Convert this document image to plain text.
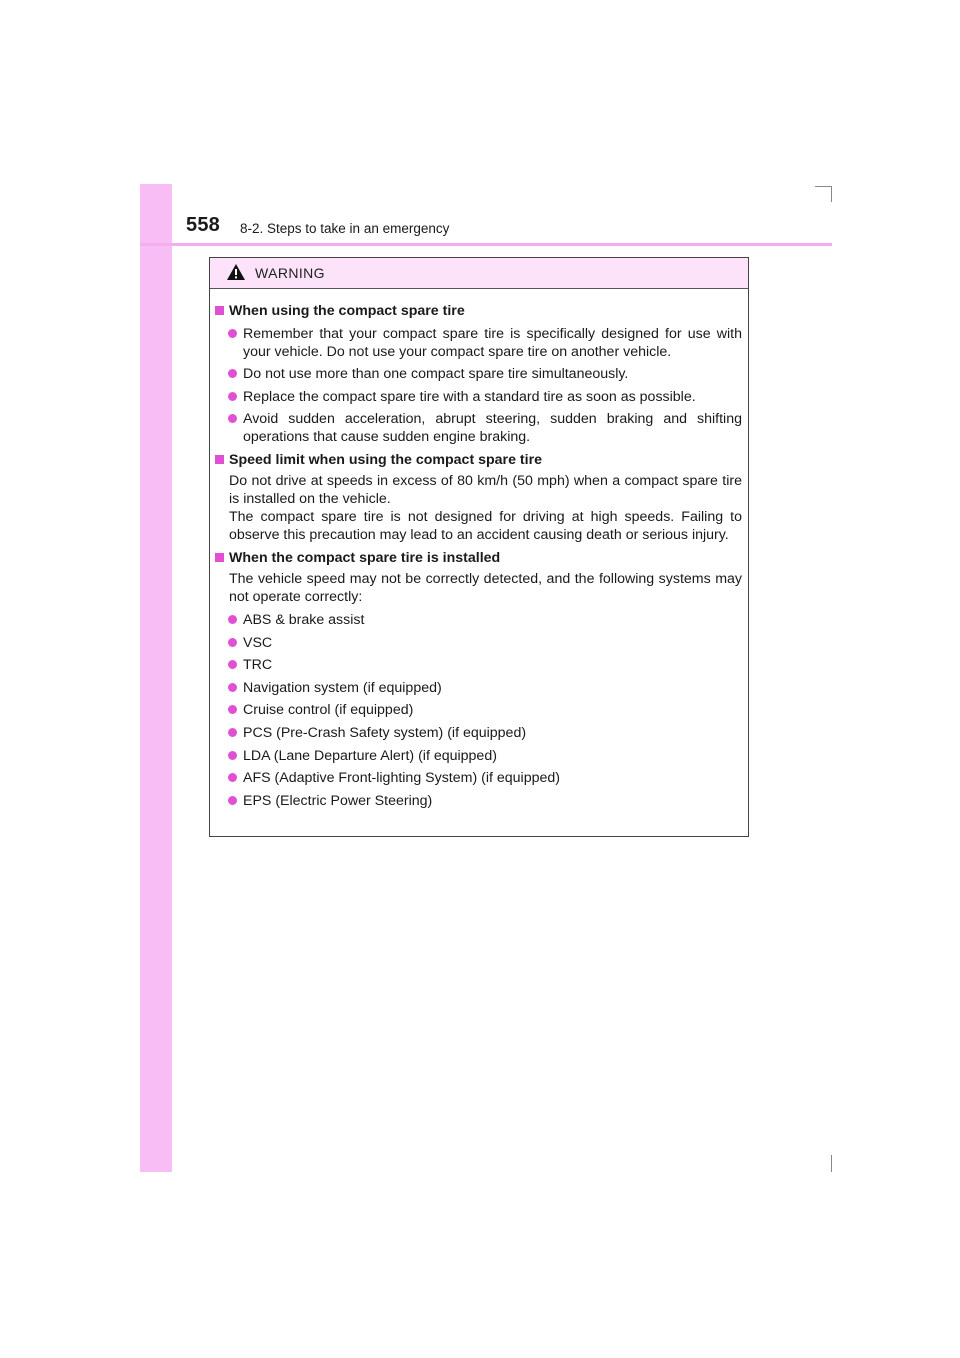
558 8-2. Steps to take in an emergency
WARNING
When using the compact spare tire
Remember that your compact spare tire is specifically designed for use with your vehicle. Do not use your compact spare tire on another vehicle.
Do not use more than one compact spare tire simultaneously.
Replace the compact spare tire with a standard tire as soon as possible.
Avoid sudden acceleration, abrupt steering, sudden braking and shifting operations that cause sudden engine braking.
Speed limit when using the compact spare tire
Do not drive at speeds in excess of 80 km/h (50 mph) when a compact spare tire is installed on the vehicle.
The compact spare tire is not designed for driving at high speeds. Failing to observe this precaution may lead to an accident causing death or serious injury.
When the compact spare tire is installed
The vehicle speed may not be correctly detected, and the following systems may not operate correctly:
ABS & brake assist
VSC
TRC
Navigation system (if equipped)
Cruise control (if equipped)
PCS (Pre-Crash Safety system) (if equipped)
LDA (Lane Departure Alert) (if equipped)
AFS (Adaptive Front-lighting System) (if equipped)
EPS (Electric Power Steering)
